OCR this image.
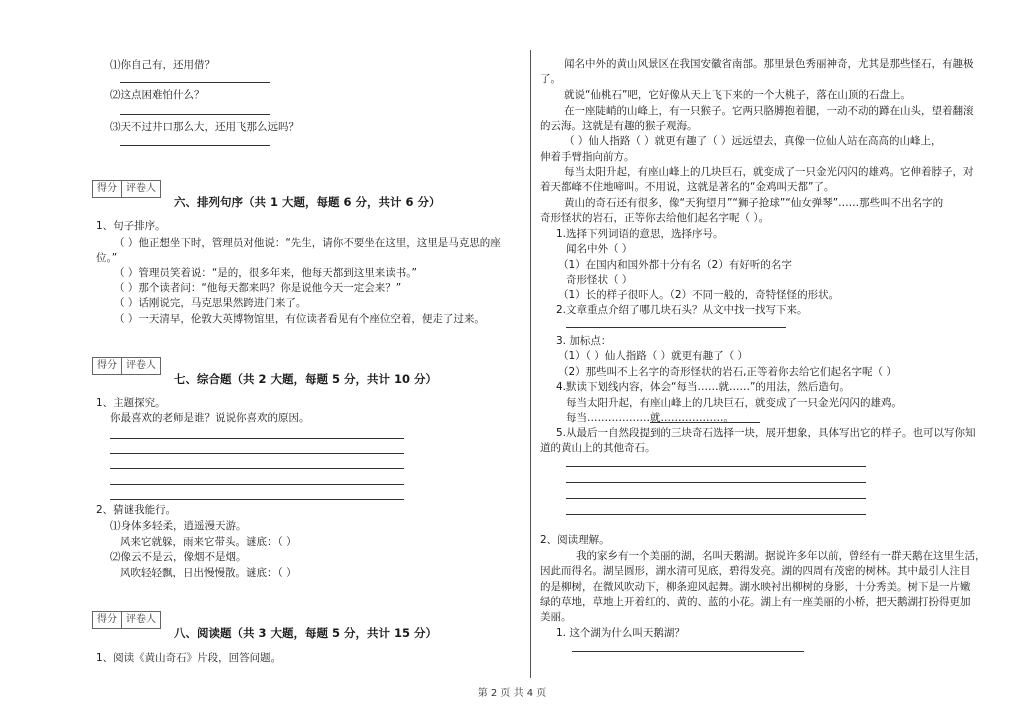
⑴你自己有，还用借？
⑵这点困难怕什么？
⑶天不过井口那么大，还用飞那么远吗？
得分 评卷人
六、排列句序（共 1 大题，每题 6 分，共计 6 分）
1、句子排序。
（ ）他正想坐下时，管理员对他说：“先生，请你不要坐在这里，这里是马克思的座
位。”
（ ）管理员笑着说：“是的，很多年来，他每天都到这里来读书。”
（ ）那个读者问：“他每天都来吗？你是说他今天一定会来？”
（ ）话刚说完，马克思果然跨进门来了。
（ ）一天清早，伦敦大英博物馆里，有位读者看见有个座位空着，便走了过来。
得分 评卷人
七、综合题（共 2 大题，每题 5 分，共计 10 分）
1、主题探究。
你最喜欢的老师是谁？说说你喜欢的原因。
2、猜谜我能行。
⑴身体多轻柔，逍遥漫天游。
风来它就躲，雨来它带头。谜底：（ ）
⑵像云不是云，像烟不是烟。
风吹轻轻飘，日出慢慢散。谜底：（ ）
得分 评卷人
八、阅读题（共 3 大题，每题 5 分，共计 15 分）
1、阅读《黄山奇石》片段，回答问题。
闻名中外的黄山风景区在我国安徽省南部。那里景色秀丽神奇，尤其是那些怪石，有趣极
了。
就说“仙桃石”吧，它好像从天上飞下来的一个大桃子，落在山顶的石盘上。
在一座陡峭的山峰上，有一只猴子。它两只胳膊抱着腿，一动不动的蹲在山头，望着翻滚
的云海。这就是有趣的猴子观海。
（ ）仙人指路（ ）就更有趣了（ ）远远望去，真像一位仙人站在高高的山峰上，
伸着手臂指向前方。
每当太阳升起，有座山峰上的几块巨石，就变成了一只金光闪闪的雄鸡。它伸着脖子，对
着天都峰不住地啼叫。不用说，这就是著名的“金鸡叫天都”了。
黄山的奇石还有很多，像“天狗望月”“狮子抢球”“仙女弹琴”……那些叫不出名字的
奇形怪状的岩石，正等你去给他们起名字呢（ ）。
1.选择下列词语的意思，选择序号。
闻名中外（ ）
（1）在国内和国外都十分有名（2）有好听的名字
奇形怪状（ ）
（1）长的样子很吓人。（2）不同一般的，奇特怪怪的形状。
2.文章重点介绍了哪几块石头？从文中找一找写下来。
3. 加标点：
（1）（ ）仙人指路（ ）就更有趣了（ ）
（2）那些叫不上名字的奇形怪状的岩石,正等着你去给它们起名字呢（ ）
4.默读下划线内容，体会“每当……就……”的用法，然后造句。
每当太阳升起，有座山峰上的几块巨石，就变成了一只金光闪闪的雄鸡。
每当………………就………………。
5.从最后一自然段提到的三块奇石选择一块，展开想象，具体写出它的样子。也可以写你知
道的黄山上的其他奇石。
2、阅读理解。
我的家乡有一个美丽的湖，名叫天鹅湖。据说许多年以前，曾经有一群天鹅在这里生活，
因此而得名。湖呈圆形，湖水清可见底，碧得发亮。湖的四周有茂密的树林。其中最引人注目
的是柳树，在微风吹动下，柳条迎风起舞。湖水映衬出柳树的身影，十分秀美。树下是一片嫩
绿的草地，草地上开着红的、黄的、蓝的小花。湖上有一座美丽的小桥，把天鹅湖打扮得更加
美丽。
1. 这个湖为什么叫天鹅湖？
第 2 页 共 4 页
